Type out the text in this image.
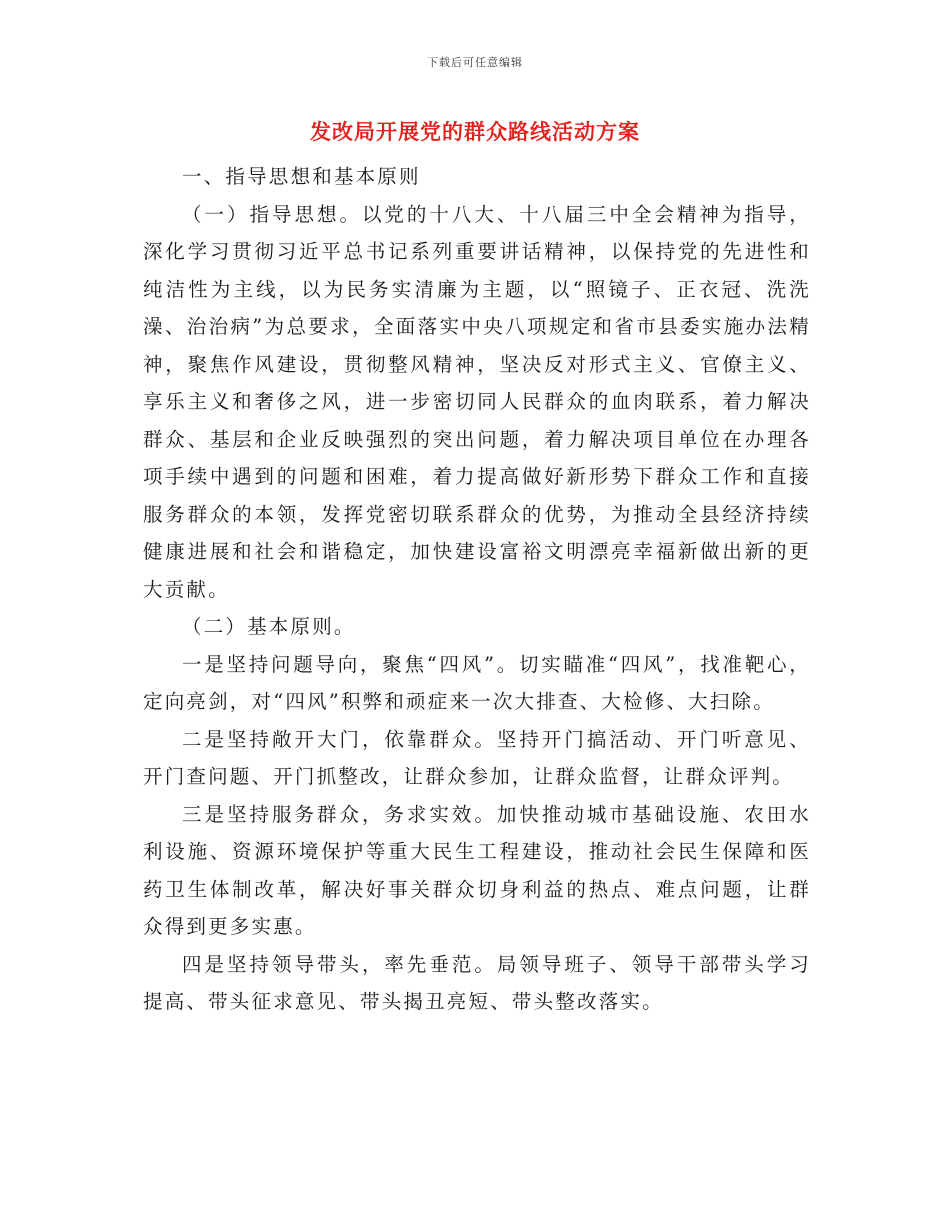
下载后可任意编辑
发改局开展党的群众路线活动方案

一、指导思想和基本原则

（一）指导思想。以党的十八大、十八届三中全会精神为指导，深化学习贯彻习近平总书记系列重要讲话精神，以保持党的先进性和纯洁性为主线，以为民务实清廉为主题，以“照镜子、正衣冠、洗洗澡、治治病”为总要求，全面落实中央八项规定和省市县委实施办法精神，聚焦作风建设，贯彻整风精神，坚决反对形式主义、官僚主义、享乐主义和奢侈之风，进一步密切同人民群众的血肉联系，着力解决群众、基层和企业反映强烈的突出问题，着力解决项目单位在办理各项手续中遇到的问题和困难，着力提高做好新形势下群众工作和直接服务群众的本领，发挥党密切联系群众的优势，为推动全县经济持续健康进展和社会和谐稳定，加快建设富裕文明漂亮幸福新做出新的更大贡献。

（二）基本原则。

一是坚持问题导向，聚焦“四风”。切实瞄准“四风”，找准靶心，定向亮剑，对“四风”积弊和顽症来一次大排查、大检修、大扫除。

二是坚持敞开大门，依靠群众。坚持开门搞活动、开门听意见、开门查问题、开门抓整改，让群众参加，让群众监督，让群众评判。

三是坚持服务群众，务求实效。加快推动城市基础设施、农田水利设施、资源环境保护等重大民生工程建设，推动社会民生保障和医药卫生体制改革，解决好事关群众切身利益的热点、难点问题，让群众得到更多实惠。

四是坚持领导带头，率先垂范。局领导班子、领导干部带头学习提高、带头征求意见、带头揭丑亮短、带头整改落实。
